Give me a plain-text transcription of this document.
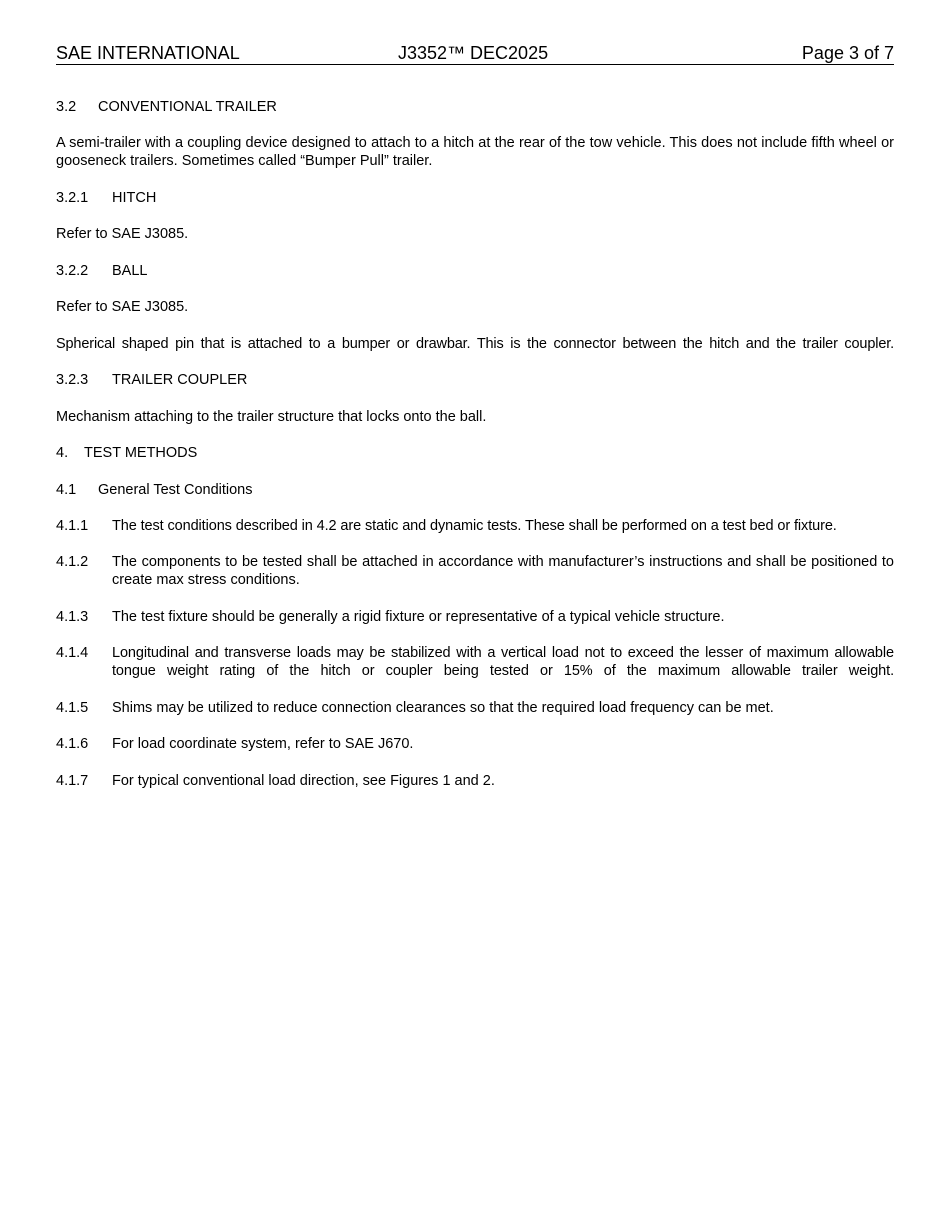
SAE INTERNATIONAL	J3352™ DEC2025	Page 3 of 7
3.2 CONVENTIONAL TRAILER
A semi-trailer with a coupling device designed to attach to a hitch at the rear of the tow vehicle. This does not include fifth wheel or gooseneck trailers. Sometimes called “Bumper Pull” trailer.
3.2.1 HITCH
Refer to SAE J3085.
3.2.2 BALL
Refer to SAE J3085.
Spherical shaped pin that is attached to a bumper or drawbar. This is the connector between the hitch and the trailer coupler.
3.2.3 TRAILER COUPLER
Mechanism attaching to the trailer structure that locks onto the ball.
4. TEST METHODS
4.1 General Test Conditions
4.1.1 The test conditions described in 4.2 are static and dynamic tests. These shall be performed on a test bed or fixture.
4.1.2 The components to be tested shall be attached in accordance with manufacturer’s instructions and shall be positioned to create max stress conditions.
4.1.3 The test fixture should be generally a rigid fixture or representative of a typical vehicle structure.
4.1.4 Longitudinal and transverse loads may be stabilized with a vertical load not to exceed the lesser of maximum allowable tongue weight rating of the hitch or coupler being tested or 15% of the maximum allowable trailer weight.
4.1.5 Shims may be utilized to reduce connection clearances so that the required load frequency can be met.
4.1.6 For load coordinate system, refer to SAE J670.
4.1.7 For typical conventional load direction, see Figures 1 and 2.
